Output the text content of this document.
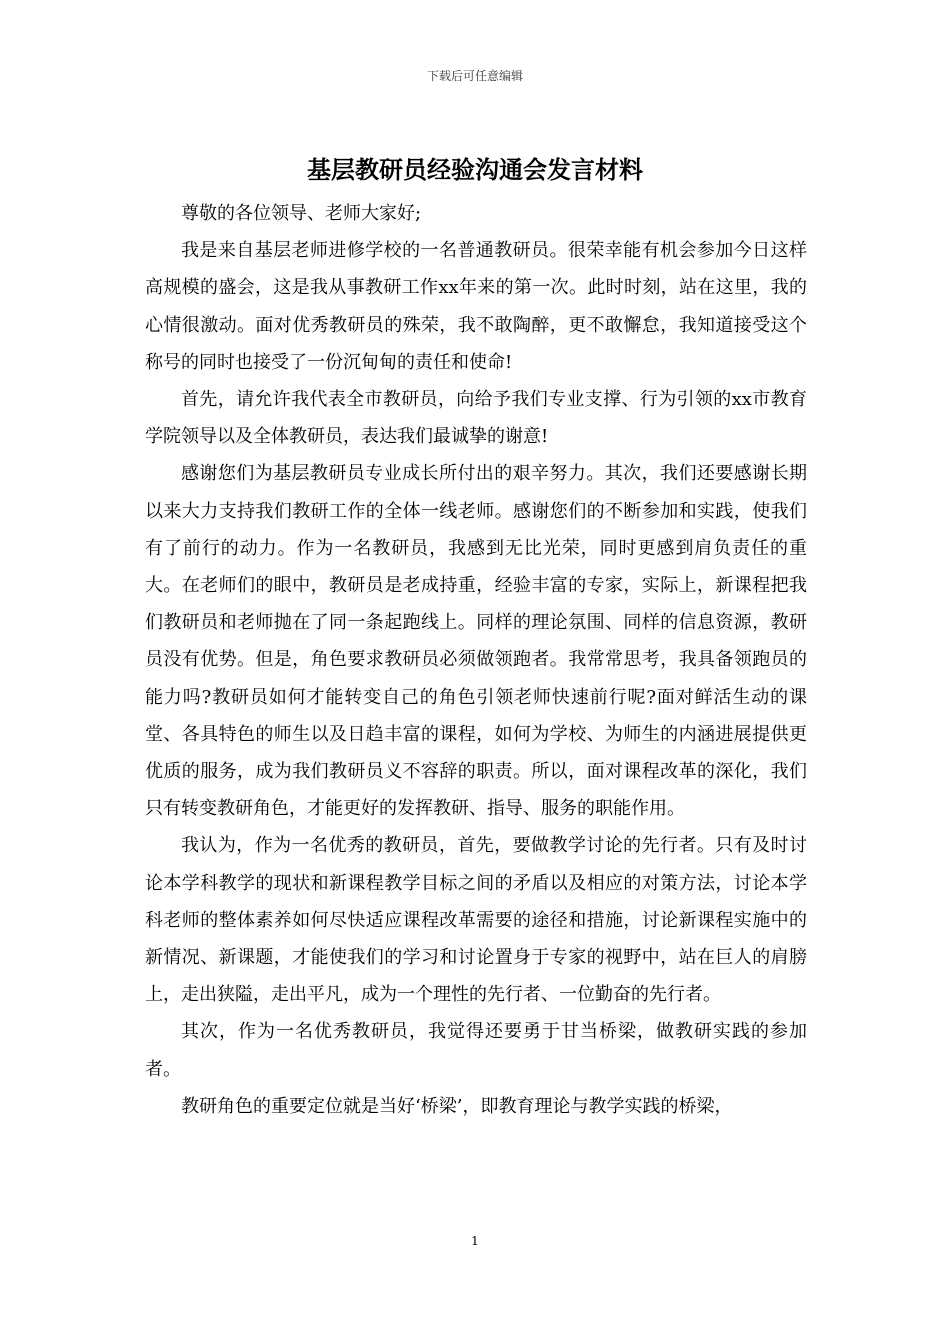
下载后可任意编辑
基层教研员经验沟通会发言材料

尊敬的各位领导、老师大家好;

我是来自基层老师进修学校的一名普通教研员。很荣幸能有机会参加今日这样高规模的盛会，这是我从事教研工作xx年来的第一次。此时时刻，站在这里，我的心情很激动。面对优秀教研员的殊荣，我不敢陶醉，更不敢懈怠，我知道接受这个称号的同时也接受了一份沉甸甸的责任和使命!

首先，请允许我代表全市教研员，向给予我们专业支撑、行为引领的xx市教育学院领导以及全体教研员，表达我们最诚挚的谢意!

感谢您们为基层教研员专业成长所付出的艰辛努力。其次，我们还要感谢长期以来大力支持我们教研工作的全体一线老师。感谢您们的不断参加和实践，使我们有了前行的动力。作为一名教研员，我感到无比光荣，同时更感到肩负责任的重大。在老师们的眼中，教研员是老成持重，经验丰富的专家，实际上，新课程把我们教研员和老师抛在了同一条起跑线上。同样的理论氛围、同样的信息资源，教研员没有优势。但是，角色要求教研员必须做领跑者。我常常思考，我具备领跑员的能力吗?教研员如何才能转变自己的角色引领老师快速前行呢?面对鲜活生动的课堂、各具特色的师生以及日趋丰富的课程，如何为学校、为师生的内涵进展提供更优质的服务，成为我们教研员义不容辞的职责。所以，面对课程改革的深化，我们只有转变教研角色，才能更好的发挥教研、指导、服务的职能作用。

我认为，作为一名优秀的教研员，首先，要做教学讨论的先行者。只有及时讨论本学科教学的现状和新课程教学目标之间的矛盾以及相应的对策方法，讨论本学科老师的整体素养如何尽快适应课程改革需要的途径和措施，讨论新课程实施中的新情况、新课题，才能使我们的学习和讨论置身于专家的视野中，站在巨人的肩膀上，走出狭隘，走出平凡，成为一个理性的先行者、一位勤奋的先行者。

其次，作为一名优秀教研员，我觉得还要勇于甘当桥梁，做教研实践的参加者。

教研角色的重要定位就是当好‘桥梁’，即教育理论与教学实践的桥梁，

1
